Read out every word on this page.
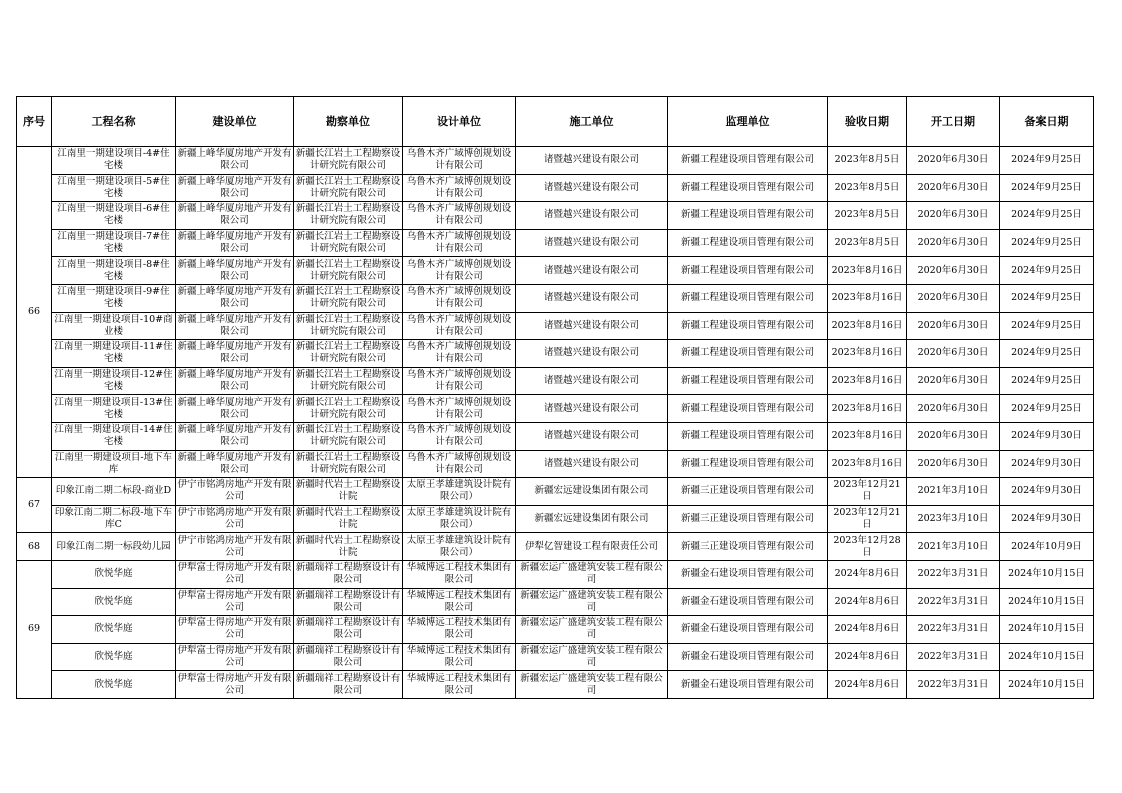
序号	工程名称	建设单位	勘察单位	设计单位	施工单位	监理单位	验收日期	开工日期	备案日期
66	江南里一期建设项目-4#住宅楼	新疆上峰华厦房地产开发有限公司	新疆长江岩土工程勘察设计研究院有限公司	乌鲁木齐广域博创规划设计有限公司	诸暨越兴建设有限公司	新疆工程建设项目管理有限公司	2023年8月5日	2020年6月30日	2024年9月25日
	江南里一期建设项目-5#住宅楼	新疆上峰华厦房地产开发有限公司	新疆长江岩土工程勘察设计研究院有限公司	乌鲁木齐广域博创规划设计有限公司	诸暨越兴建设有限公司	新疆工程建设项目管理有限公司	2023年8月5日	2020年6月30日	2024年9月25日
	江南里一期建设项目-6#住宅楼	新疆上峰华厦房地产开发有限公司	新疆长江岩土工程勘察设计研究院有限公司	乌鲁木齐广域博创规划设计有限公司	诸暨越兴建设有限公司	新疆工程建设项目管理有限公司	2023年8月5日	2020年6月30日	2024年9月25日
	江南里一期建设项目-7#住宅楼	新疆上峰华厦房地产开发有限公司	新疆长江岩土工程勘察设计研究院有限公司	乌鲁木齐广域博创规划设计有限公司	诸暨越兴建设有限公司	新疆工程建设项目管理有限公司	2023年8月5日	2020年6月30日	2024年9月25日
	江南里一期建设项目-8#住宅楼	新疆上峰华厦房地产开发有限公司	新疆长江岩土工程勘察设计研究院有限公司	乌鲁木齐广域博创规划设计有限公司	诸暨越兴建设有限公司	新疆工程建设项目管理有限公司	2023年8月16日	2020年6月30日	2024年9月25日
	江南里一期建设项目-9#住宅楼	新疆上峰华厦房地产开发有限公司	新疆长江岩土工程勘察设计研究院有限公司	乌鲁木齐广域博创规划设计有限公司	诸暨越兴建设有限公司	新疆工程建设项目管理有限公司	2023年8月16日	2020年6月30日	2024年9月25日
	江南里一期建设项目-10#商业楼	新疆上峰华厦房地产开发有限公司	新疆长江岩土工程勘察设计研究院有限公司	乌鲁木齐广域博创规划设计有限公司	诸暨越兴建设有限公司	新疆工程建设项目管理有限公司	2023年8月16日	2020年6月30日	2024年9月25日
	江南里一期建设项目-11#住宅楼	新疆上峰华厦房地产开发有限公司	新疆长江岩土工程勘察设计研究院有限公司	乌鲁木齐广域博创规划设计有限公司	诸暨越兴建设有限公司	新疆工程建设项目管理有限公司	2023年8月16日	2020年6月30日	2024年9月25日
	江南里一期建设项目-12#住宅楼	新疆上峰华厦房地产开发有限公司	新疆长江岩土工程勘察设计研究院有限公司	乌鲁木齐广域博创规划设计有限公司	诸暨越兴建设有限公司	新疆工程建设项目管理有限公司	2023年8月16日	2020年6月30日	2024年9月25日
	江南里一期建设项目-13#住宅楼	新疆上峰华厦房地产开发有限公司	新疆长江岩土工程勘察设计研究院有限公司	乌鲁木齐广域博创规划设计有限公司	诸暨越兴建设有限公司	新疆工程建设项目管理有限公司	2023年8月16日	2020年6月30日	2024年9月25日
	江南里一期建设项目-14#住宅楼	新疆上峰华厦房地产开发有限公司	新疆长江岩土工程勘察设计研究院有限公司	乌鲁木齐广域博创规划设计有限公司	诸暨越兴建设有限公司	新疆工程建设项目管理有限公司	2023年8月16日	2020年6月30日	2024年9月30日
	江南里一期建设项目-地下车库	新疆上峰华厦房地产开发有限公司	新疆长江岩土工程勘察设计研究院有限公司	乌鲁木齐广域博创规划设计有限公司	诸暨越兴建设有限公司	新疆工程建设项目管理有限公司	2023年8月16日	2020年6月30日	2024年9月30日
67	印象江南二期二标段-商业D	伊宁市铭鸿房地产开发有限公司	新疆时代岩土工程勘察设计院	太原王孝雄建筑设计院有限公司）	新疆宏远建设集团有限公司	新疆三正建设项目管理有限公司	2023年12月21日	2021年3月10日	2024年9月30日
	印象江南二期二标段-地下车库C	伊宁市铭鸿房地产开发有限公司	新疆时代岩土工程勘察设计院	太原王孝雄建筑设计院有限公司）	新疆宏远建设集团有限公司	新疆三正建设项目管理有限公司	2023年12月21日	2023年3月10日	2024年9月30日
68	印象江南二期一标段幼儿园	伊宁市铭鸿房地产开发有限公司	新疆时代岩土工程勘察设计院	太原王孝雄建筑设计院有限公司）	伊犁亿智建设工程有限责任公司	新疆三正建设项目管理有限公司	2023年12月28日	2021年3月10日	2024年10月9日
69	欣悦华庭	伊犁富士得房地产开发有限公司	新疆瑞祥工程勘察设计有限公司	华城博远工程技术集团有限公司	新疆宏运广盛建筑安装工程有限公司	新疆金石建设项目管理有限公司	2024年8月6日	2022年3月31日	2024年10月15日
	欣悦华庭	伊犁富士得房地产开发有限公司	新疆瑞祥工程勘察设计有限公司	华城博远工程技术集团有限公司	新疆宏运广盛建筑安装工程有限公司	新疆金石建设项目管理有限公司	2024年8月6日	2022年3月31日	2024年10月15日
	欣悦华庭	伊犁富士得房地产开发有限公司	新疆瑞祥工程勘察设计有限公司	华城博远工程技术集团有限公司	新疆宏运广盛建筑安装工程有限公司	新疆金石建设项目管理有限公司	2024年8月6日	2022年3月31日	2024年10月15日
	欣悦华庭	伊犁富士得房地产开发有限公司	新疆瑞祥工程勘察设计有限公司	华城博远工程技术集团有限公司	新疆宏运广盛建筑安装工程有限公司	新疆金石建设项目管理有限公司	2024年8月6日	2022年3月31日	2024年10月15日
	欣悦华庭	伊犁富士得房地产开发有限公司	新疆瑞祥工程勘察设计有限公司	华城博远工程技术集团有限公司	新疆宏运广盛建筑安装工程有限公司	新疆金石建设项目管理有限公司	2024年8月6日	2022年3月31日	2024年10月15日
